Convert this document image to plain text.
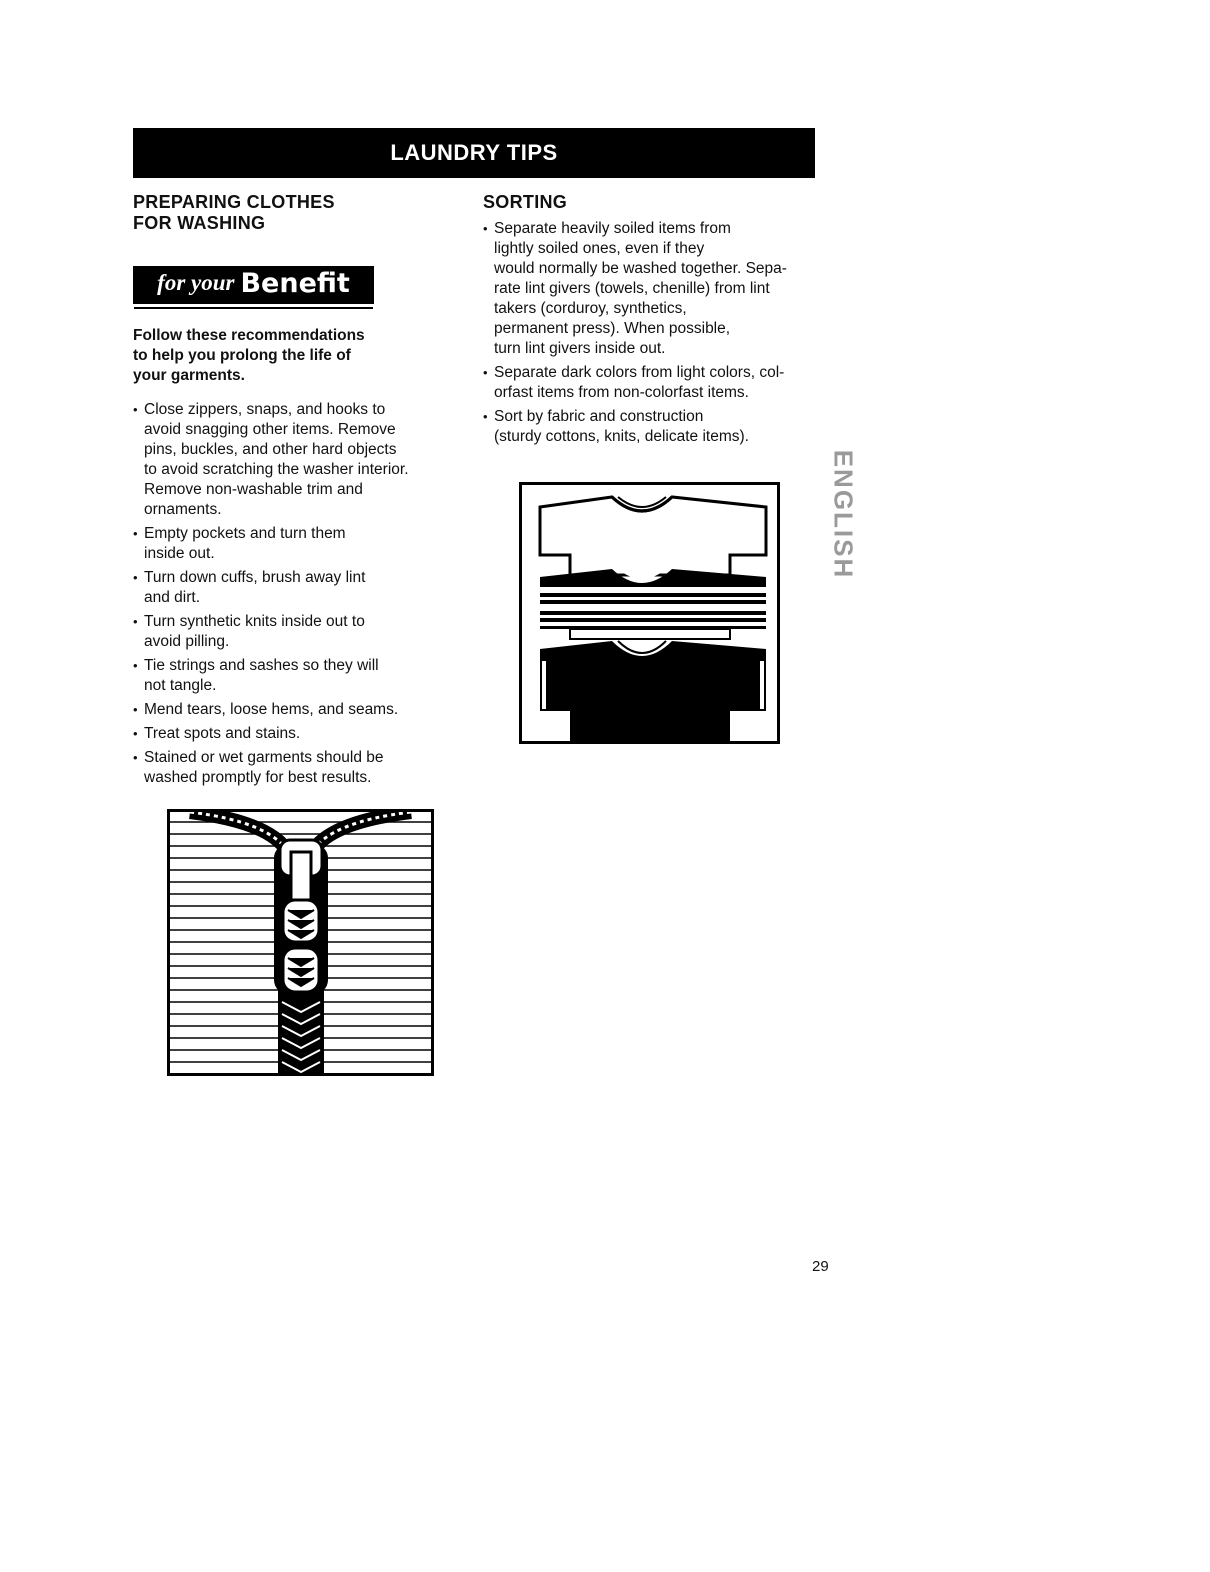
LAUNDRY TIPS
PREPARING CLOTHES
FOR WASHING
for your Benefit
Follow these recommendations
to help you prolong the life of
your garments.
• Close zippers, snaps, and hooks to
avoid snagging other items. Remove
pins, buckles, and other hard objects
to avoid scratching the washer interior.
Remove non-washable trim and
ornaments.
• Empty pockets and turn them
inside out.
• Turn down cuffs, brush away lint
and dirt.
• Turn synthetic knits inside out to
avoid pilling.
• Tie strings and sashes so they will
not tangle.
• Mend tears, loose hems, and seams.
• Treat spots and stains.
• Stained or wet garments should be
washed promptly for best results.
SORTING
• Separate heavily soiled items from
lightly soiled ones, even if they
would normally be washed together. Sepa-
rate lint givers (towels, chenille) from lint
takers (corduroy, synthetics,
permanent press). When possible,
turn lint givers inside out.
• Separate dark colors from light colors, col-
orfast items from non-colorfast items.
• Sort by fabric and construction
(sturdy cottons, knits, delicate items).
ENGLISH
29
